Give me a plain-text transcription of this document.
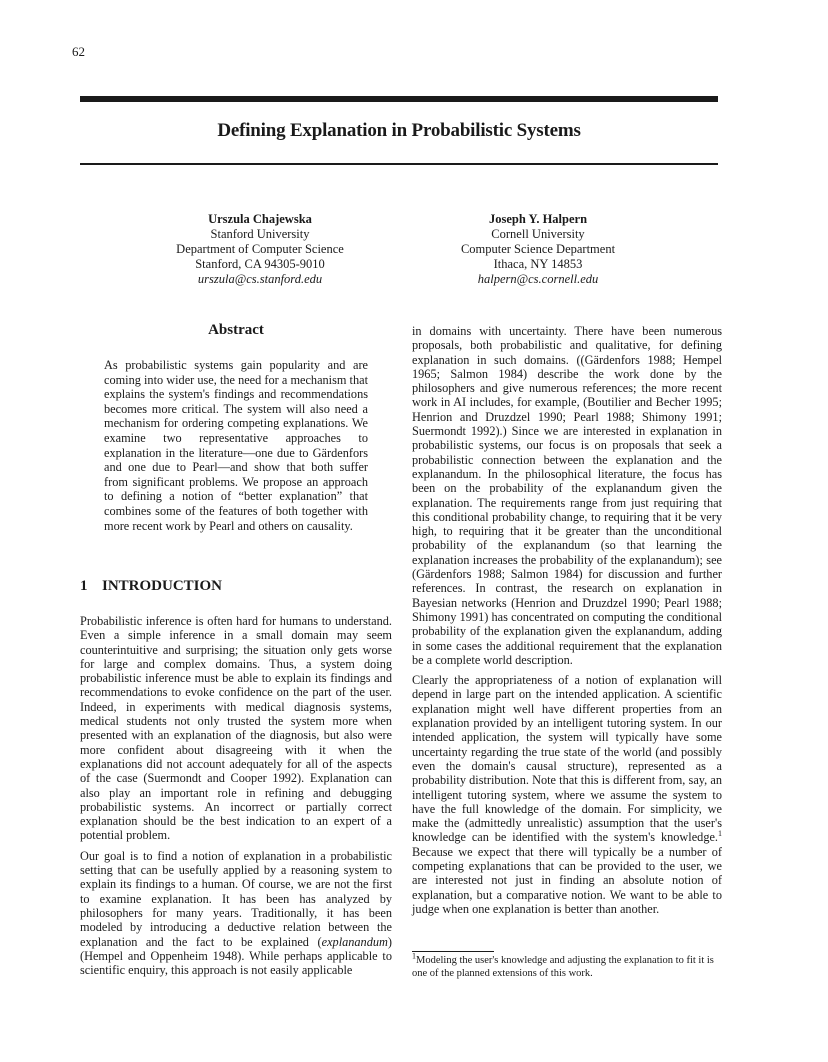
62
Defining Explanation in Probabilistic Systems
Urszula Chajewska
Stanford University
Department of Computer Science
Stanford, CA 94305-9010
urszula@cs.stanford.edu
Joseph Y. Halpern
Cornell University
Computer Science Department
Ithaca, NY 14853
halpern@cs.cornell.edu
Abstract
As probabilistic systems gain popularity and are coming into wider use, the need for a mechanism that explains the system's findings and recommendations becomes more critical. The system will also need a mechanism for ordering competing explanations. We examine two representative approaches to explanation in the literature—one due to Gärdenfors and one due to Pearl—and show that both suffer from significant problems. We propose an approach to defining a notion of “better explanation” that combines some of the features of both together with more recent work by Pearl and others on causality.
1 INTRODUCTION

Probabilistic inference is often hard for humans to understand. Even a simple inference in a small domain may seem counterintuitive and surprising; the situation only gets worse for large and complex domains. Thus, a system doing probabilistic inference must be able to explain its findings and recommendations to evoke confidence on the part of the user. Indeed, in experiments with medical diagnosis systems, medical students not only trusted the system more when presented with an explanation of the diagnosis, but also were more confident about disagreeing with it when the explanations did not account adequately for all of the aspects of the case (Suermondt and Cooper 1992). Explanation can also play an important role in refining and debugging probabilistic systems. An incorrect or partially correct explanation should be the best indication to an expert of a potential problem.

Our goal is to find a notion of explanation in a probabilistic setting that can be usefully applied by a reasoning system to explain its findings to a human. Of course, we are not the first to examine explanation. It has been has analyzed by philosophers for many years. Traditionally, it has been modeled by introducing a deductive relation between the explanation and the fact to be explained (explanandum) (Hempel and Oppenheim 1948). While perhaps applicable to scientific enquiry, this approach is not easily applicable

in domains with uncertainty. There have been numerous proposals, both probabilistic and qualitative, for defining explanation in such domains. ((Gärdenfors 1988; Hempel 1965; Salmon 1984) describe the work done by the philosophers and give numerous references; the more recent work in AI includes, for example, (Boutilier and Becher 1995; Henrion and Druzdzel 1990; Pearl 1988; Shimony 1991; Suermondt 1992).) Since we are interested in explanation in probabilistic systems, our focus is on proposals that seek a probabilistic connection between the explanation and the explanandum. In the philosophical literature, the focus has been on the probability of the explanandum given the explanation. The requirements range from just requiring that this conditional probability change, to requiring that it be very high, to requiring that it be greater than the unconditional probability of the explanandum (so that learning the explanation increases the probability of the explanandum); see (Gärdenfors 1988; Salmon 1984) for discussion and further references. In contrast, the research on explanation in Bayesian networks (Henrion and Druzdzel 1990; Pearl 1988; Shimony 1991) has concentrated on computing the conditional probability of the explanation given the explanandum, adding in some cases the additional requirement that the explanation be a complete world description.

Clearly the appropriateness of a notion of explanation will depend in large part on the intended application. A scientific explanation might well have different properties from an explanation provided by an intelligent tutoring system. In our intended application, the system will typically have some uncertainty regarding the true state of the world (and possibly even the domain's causal structure), represented as a probability distribution. Note that this is different from, say, an intelligent tutoring system, where we assume the system to have the full knowledge of the domain. For simplicity, we make the (admittedly unrealistic) assumption that the user's knowledge can be identified with the system's knowledge.$^1$ Because we expect that there will typically be a number of competing explanations that can be provided to the user, we are interested not just in finding an absolute notion of explanation, but a comparative notion. We want to be able to judge when one explanation is better than another.

$^1$Modeling the user's knowledge and adjusting the explanation to fit it is one of the planned extensions of this work.
